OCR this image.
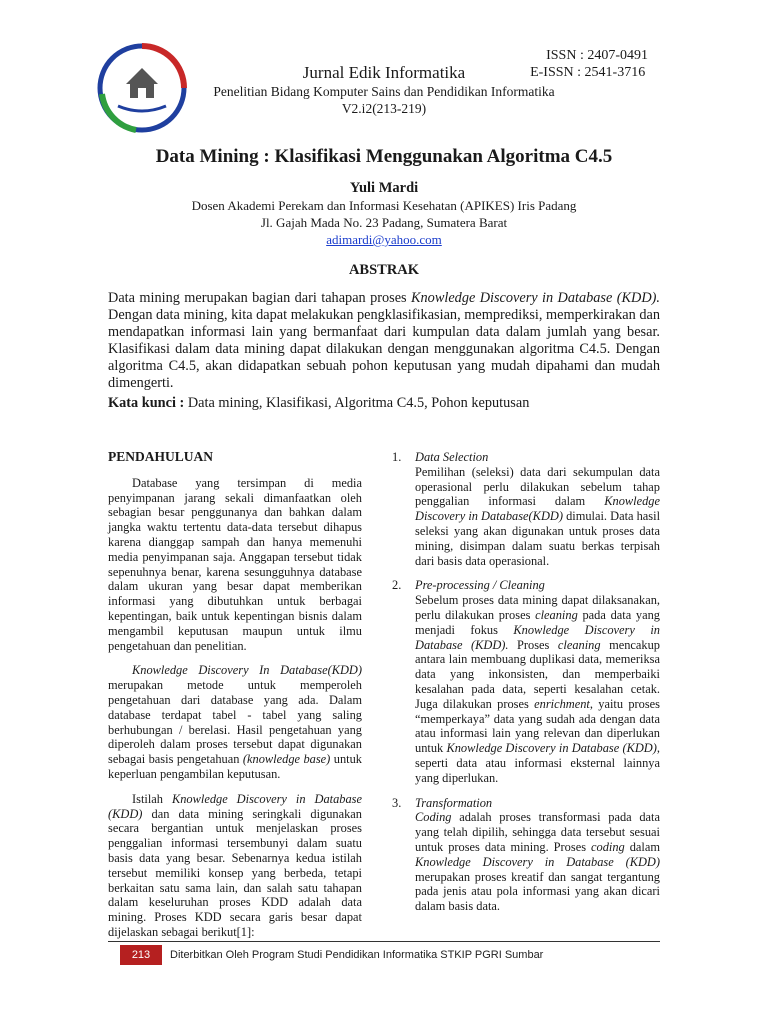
ISSN : 2407-0491
E-ISSN : 2541-3716
Jurnal Edik Informatika
Penelitian Bidang Komputer Sains dan Pendidikan Informatika
V2.i2(213-219)
Data Mining : Klasifikasi Menggunakan Algoritma C4.5
Yuli Mardi
Dosen Akademi Perekam dan Informasi Kesehatan (APIKES) Iris Padang
Jl. Gajah Mada No. 23 Padang, Sumatera Barat
adimardi@yahoo.com
ABSTRAK
Data mining merupakan bagian dari tahapan proses Knowledge Discovery in Database (KDD). Dengan data mining, kita dapat melakukan pengklasifikasian, memprediksi, memperkirakan dan mendapatkan informasi lain yang bermanfaat dari kumpulan data dalam jumlah yang besar. Klasifikasi dalam data mining dapat dilakukan dengan menggunakan algoritma C4.5. Dengan algoritma C4.5, akan didapatkan sebuah pohon keputusan yang mudah dipahami dan mudah dimengerti.
Kata kunci : Data mining, Klasifikasi, Algoritma C4.5, Pohon keputusan
PENDAHULUAN

Database yang tersimpan di media penyimpanan jarang sekali dimanfaatkan oleh sebagian besar penggunanya dan bahkan dalam jangka waktu tertentu data-data tersebut dihapus karena dianggap sampah dan hanya memenuhi media penyimpanan saja. Anggapan tersebut tidak sepenuhnya benar, karena sesungguhnya database dalam ukuran yang besar dapat memberikan informasi yang dibutuhkan untuk berbagai kepentingan, baik untuk kepentingan bisnis dalam mengambil keputusan maupun untuk ilmu pengetahuan dan penelitian.

Knowledge Discovery In Database(KDD) merupakan metode untuk memperoleh pengetahuan dari database yang ada. Dalam database terdapat tabel - tabel yang saling berhubungan / berelasi. Hasil pengetahuan yang diperoleh dalam proses tersebut dapat digunakan sebagai basis pengetahuan (knowledge base) untuk keperluan pengambilan keputusan.

Istilah Knowledge Discovery in Database (KDD) dan data mining seringkali digunakan secara bergantian untuk menjelaskan proses penggalian informasi tersembunyi dalam suatu basis data yang besar. Sebenarnya kedua istilah tersebut memiliki konsep yang berbeda, tetapi berkaitan satu sama lain, dan salah satu tahapan dalam keseluruhan proses KDD adalah data mining. Proses KDD secara garis besar dapat dijelaskan sebagai berikut[1]:

1. Data Selection
Pemilihan (seleksi) data dari sekumpulan data operasional perlu dilakukan sebelum tahap penggalian informasi dalam Knowledge Discovery in Database(KDD) dimulai. Data hasil seleksi yang akan digunakan untuk proses data mining, disimpan dalam suatu berkas terpisah dari basis data operasional.
2. Pre-processing / Cleaning
Sebelum proses data mining dapat dilaksanakan, perlu dilakukan proses cleaning pada data yang menjadi fokus Knowledge Discovery in Database (KDD). Proses cleaning mencakup antara lain membuang duplikasi data, memeriksa data yang inkonsisten, dan memperbaiki kesalahan pada data, seperti kesalahan cetak. Juga dilakukan proses enrichment, yaitu proses “memperkaya” data yang sudah ada dengan data atau informasi lain yang relevan dan diperlukan untuk Knowledge Discovery in Database (KDD), seperti data atau informasi eksternal lainnya yang diperlukan.
3. Transformation
Coding adalah proses transformasi pada data yang telah dipilih, sehingga data tersebut sesuai untuk proses data mining. Proses coding dalam Knowledge Discovery in Database (KDD) merupakan proses kreatif dan sangat tergantung pada jenis atau pola informasi yang akan dicari dalam basis data.
213	Diterbitkan Oleh Program Studi Pendidikan Informatika STKIP PGRI Sumbar
